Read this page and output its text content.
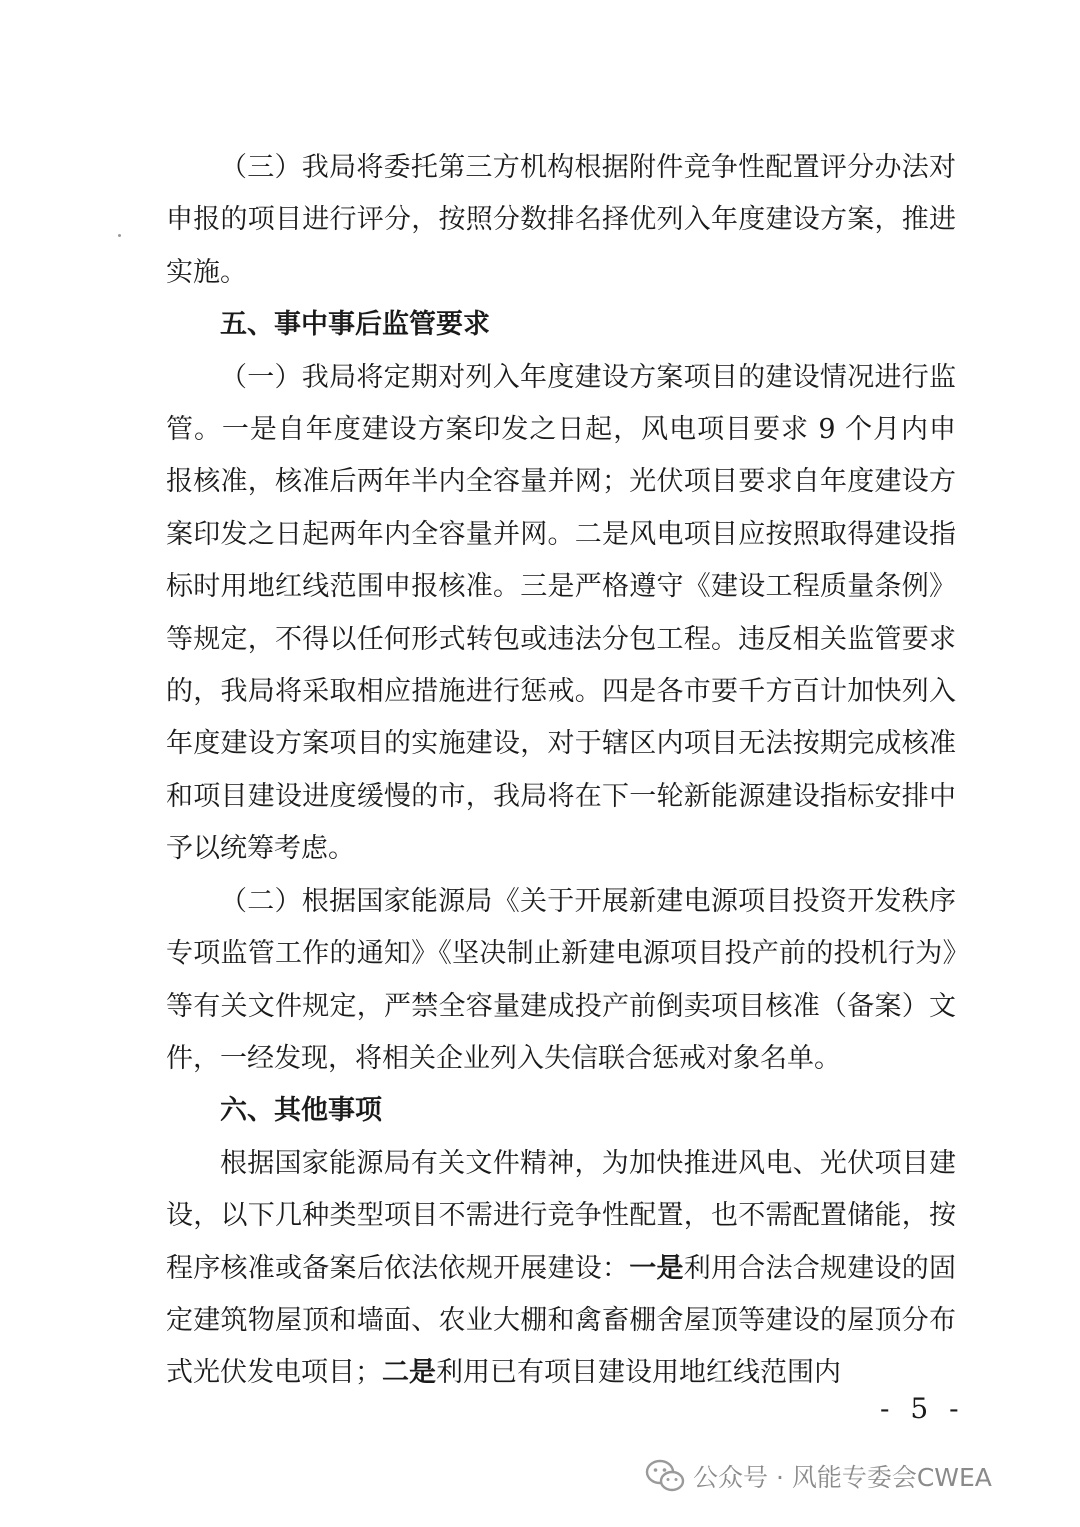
（三）我局将委托第三方机构根据附件竞争性配置评分办法对申报的项目进行评分，按照分数排名择优列入年度建设方案，推进实施。

五、事中事后监管要求

（一）我局将定期对列入年度建设方案项目的建设情况进行监管。一是自年度建设方案印发之日起，风电项目要求 9 个月内申报核准，核准后两年半内全容量并网；光伏项目要求自年度建设方案印发之日起两年内全容量并网。二是风电项目应按照取得建设指标时用地红线范围申报核准。三是严格遵守《建设工程质量条例》等规定，不得以任何形式转包或违法分包工程。违反相关监管要求的，我局将采取相应措施进行惩戒。四是各市要千方百计加快列入年度建设方案项目的实施建设，对于辖区内项目无法按期完成核准和项目建设进度缓慢的市，我局将在下一轮新能源建设指标安排中予以统筹考虑。

（二）根据国家能源局《关于开展新建电源项目投资开发秩序专项监管工作的通知》《坚决制止新建电源项目投产前的投机行为》等有关文件规定，严禁全容量建成投产前倒卖项目核准（备案）文件，一经发现，将相关企业列入失信联合惩戒对象名单。

六、其他事项

根据国家能源局有关文件精神，为加快推进风电、光伏项目建设，以下几种类型项目不需进行竞争性配置，也不需配置储能，按程序核准或备案后依法依规开展建设：一是利用合法合规建设的固定建筑物屋顶和墙面、农业大棚和禽畜棚舍屋顶等建设的屋顶分布式光伏发电项目；二是利用已有项目建设用地红线范围内

- 5 -
公众号 · 风能专委会CWEA
